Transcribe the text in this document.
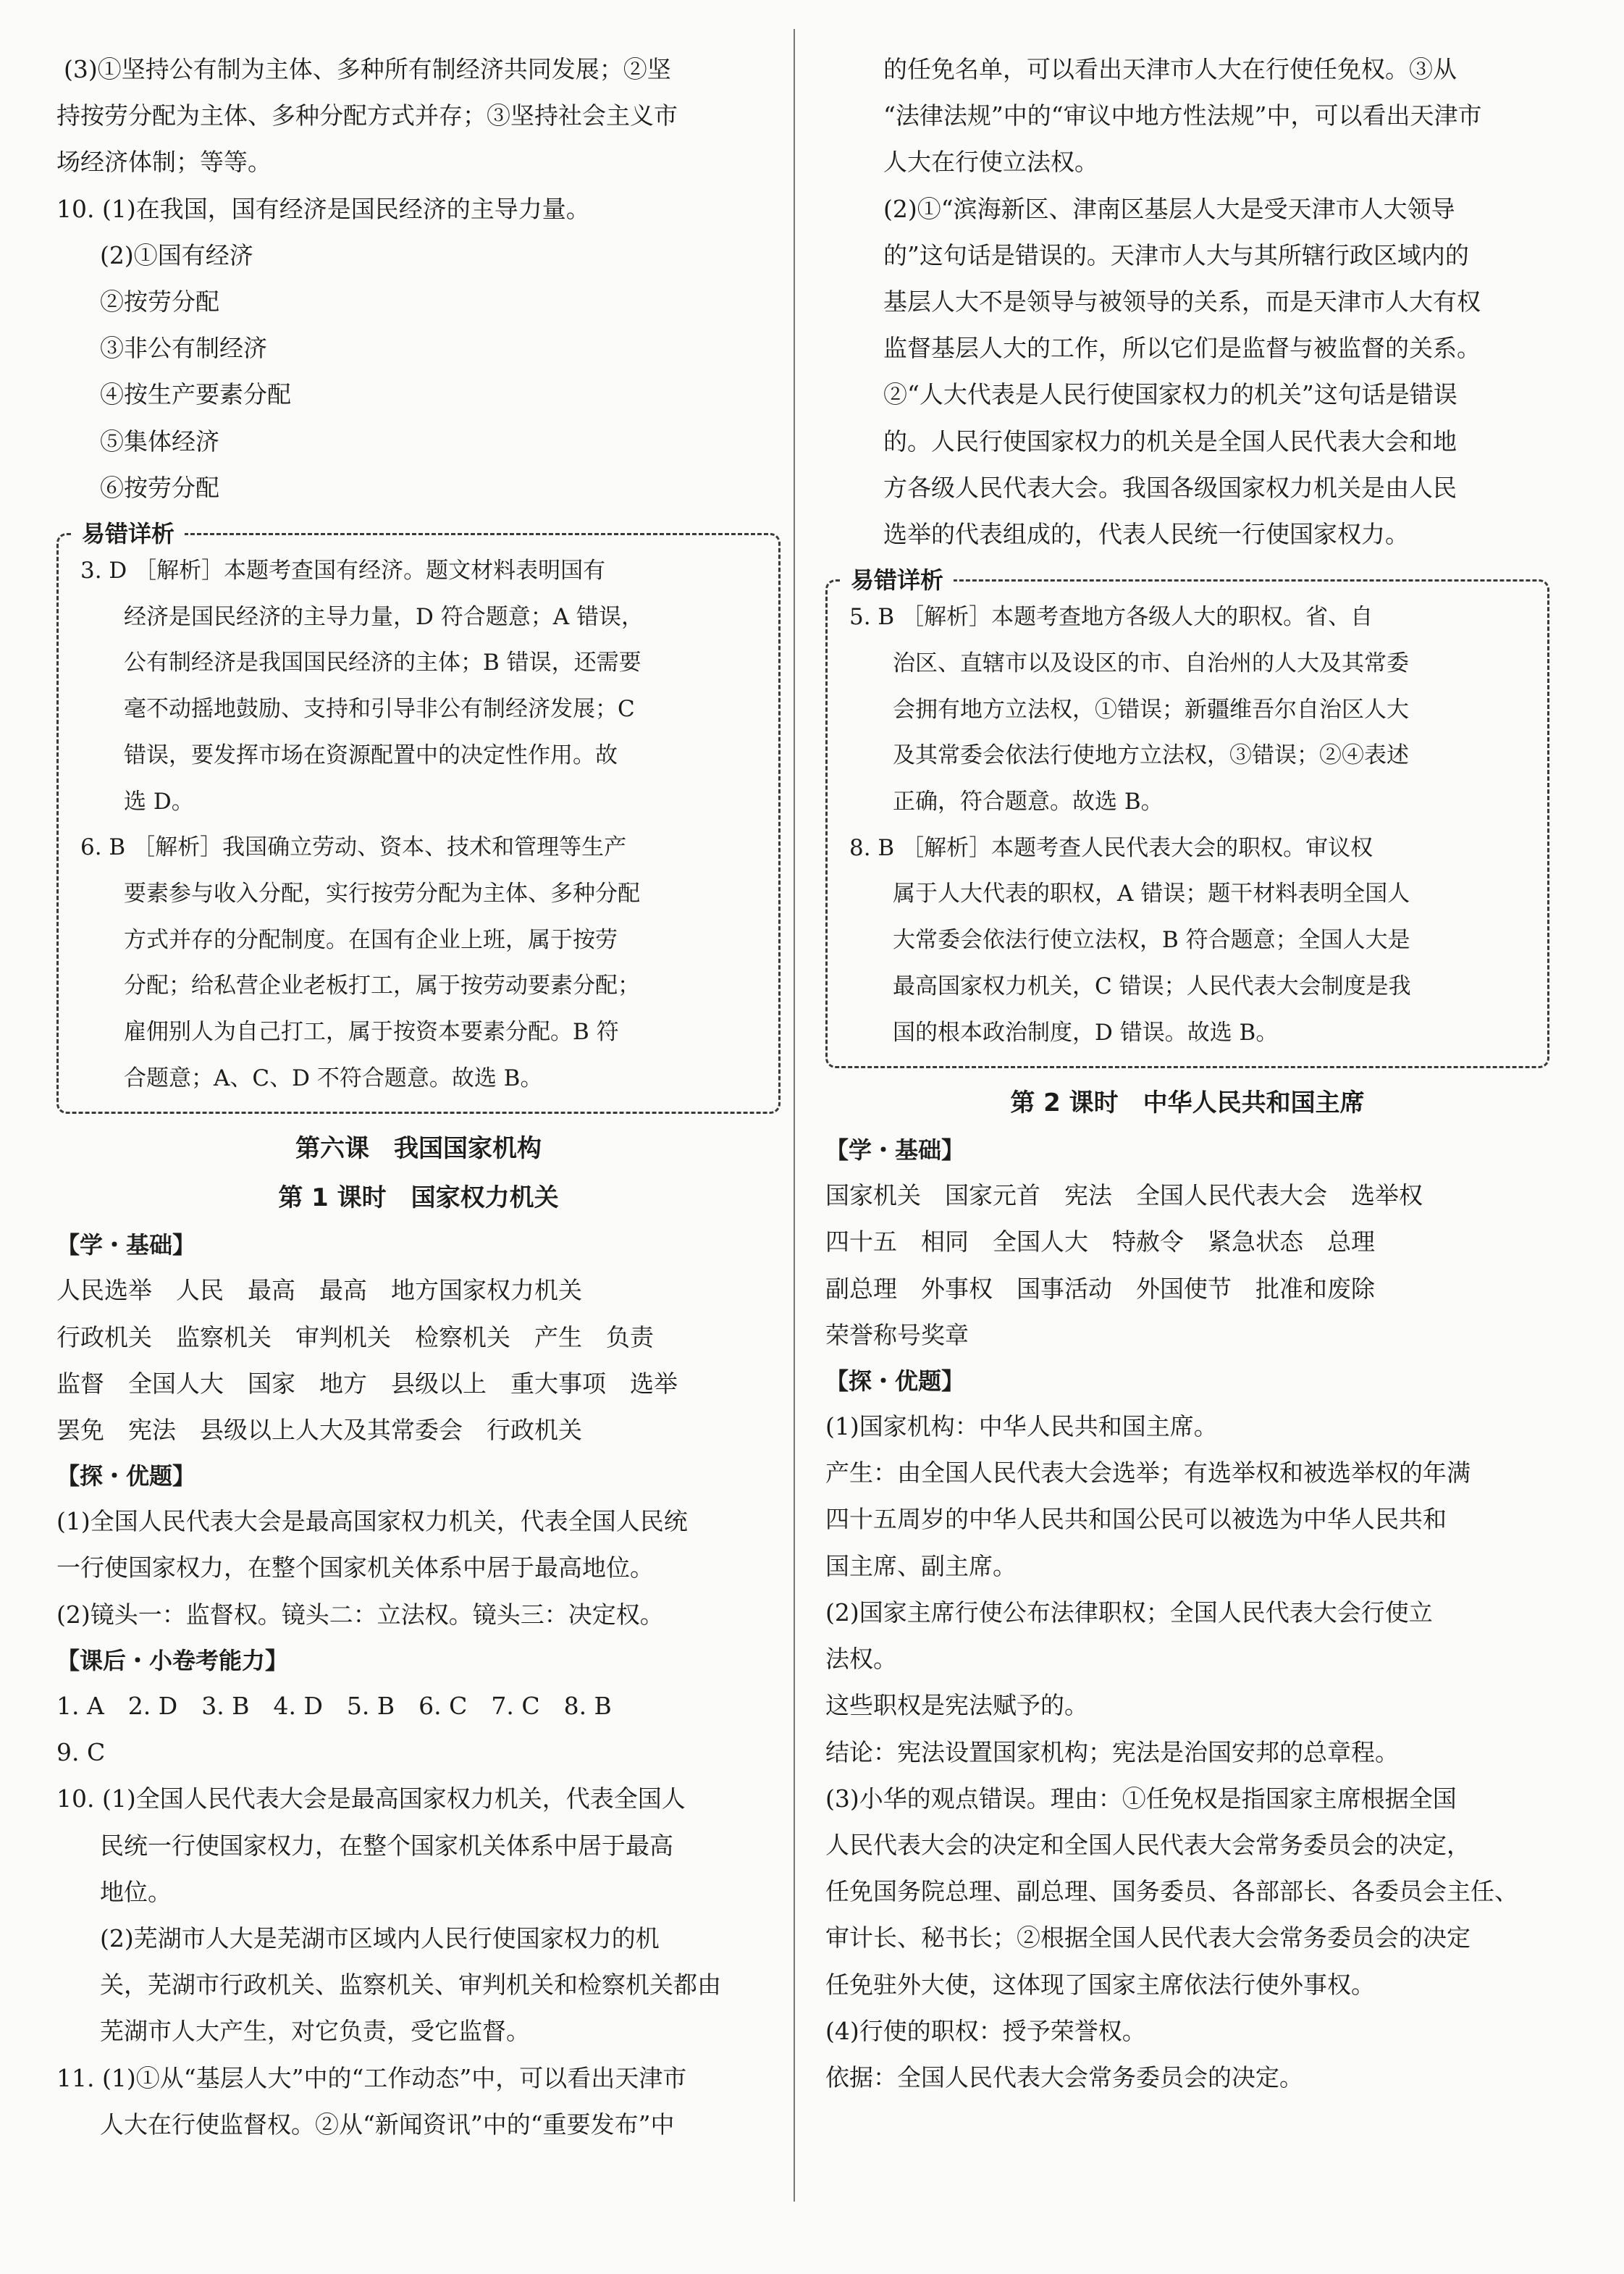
(3)①坚持公有制为主体、多种所有制经济共同发展；②坚
持按劳分配为主体、多种分配方式并存；③坚持社会主义市
场经济体制；等等。
10. (1)在我国，国有经济是国民经济的主导力量。
(2)①国有经济
②按劳分配
③非公有制经济
④按生产要素分配
⑤集体经济
⑥按劳分配
易错详析
3. D ［解析］本题考查国有经济。题文材料表明国有
经济是国民经济的主导力量，D 符合题意；A 错误，
公有制经济是我国国民经济的主体；B 错误，还需要
毫不动摇地鼓励、支持和引导非公有制经济发展；C
错误，要发挥市场在资源配置中的决定性作用。故
选 D。
6. B ［解析］我国确立劳动、资本、技术和管理等生产
要素参与收入分配，实行按劳分配为主体、多种分配
方式并存的分配制度。在国有企业上班，属于按劳
分配；给私营企业老板打工，属于按劳动要素分配；
雇佣别人为自己打工，属于按资本要素分配。B 符
合题意；A、C、D 不符合题意。故选 B。
第六课　我国国家机构
第 1 课时　国家权力机关
【学・基础】
人民选举　人民　最高　最高　地方国家权力机关
行政机关　监察机关　审判机关　检察机关　产生　负责
监督　全国人大　国家　地方　县级以上　重大事项　选举
罢免　宪法　县级以上人大及其常委会　行政机关
【探・优题】
(1)全国人民代表大会是最高国家权力机关，代表全国人民统
一行使国家权力，在整个国家机关体系中居于最高地位。
(2)镜头一：监督权。镜头二：立法权。镜头三：决定权。
【课后・小卷考能力】
1. A　2. D　3. B　4. D　5. B　6. C　7. C　8. B
9. C
10. (1)全国人民代表大会是最高国家权力机关，代表全国人
民统一行使国家权力，在整个国家机关体系中居于最高
地位。
(2)芜湖市人大是芜湖市区域内人民行使国家权力的机
关，芜湖市行政机关、监察机关、审判机关和检察机关都由
芜湖市人大产生，对它负责，受它监督。
11. (1)①从“基层人大”中的“工作动态”中，可以看出天津市
人大在行使监督权。②从“新闻资讯”中的“重要发布”中
的任免名单，可以看出天津市人大在行使任免权。③从
“法律法规”中的“审议中地方性法规”中，可以看出天津市
人大在行使立法权。
(2)①“滨海新区、津南区基层人大是受天津市人大领导
的”这句话是错误的。天津市人大与其所辖行政区域内的
基层人大不是领导与被领导的关系，而是天津市人大有权
监督基层人大的工作，所以它们是监督与被监督的关系。
②“人大代表是人民行使国家权力的机关”这句话是错误
的。人民行使国家权力的机关是全国人民代表大会和地
方各级人民代表大会。我国各级国家权力机关是由人民
选举的代表组成的，代表人民统一行使国家权力。
易错详析
5. B ［解析］本题考查地方各级人大的职权。省、自
治区、直辖市以及设区的市、自治州的人大及其常委
会拥有地方立法权，①错误；新疆维吾尔自治区人大
及其常委会依法行使地方立法权，③错误；②④表述
正确，符合题意。故选 B。
8. B ［解析］本题考查人民代表大会的职权。审议权
属于人大代表的职权，A 错误；题干材料表明全国人
大常委会依法行使立法权，B 符合题意；全国人大是
最高国家权力机关，C 错误；人民代表大会制度是我
国的根本政治制度，D 错误。故选 B。
第 2 课时　中华人民共和国主席
【学・基础】
国家机关　国家元首　宪法　全国人民代表大会　选举权
四十五　相同　全国人大　特赦令　紧急状态　总理
副总理　外事权　国事活动　外国使节　批准和废除
荣誉称号奖章
【探・优题】
(1)国家机构：中华人民共和国主席。
产生：由全国人民代表大会选举；有选举权和被选举权的年满
四十五周岁的中华人民共和国公民可以被选为中华人民共和
国主席、副主席。
(2)国家主席行使公布法律职权；全国人民代表大会行使立
法权。
这些职权是宪法赋予的。
结论：宪法设置国家机构；宪法是治国安邦的总章程。
(3)小华的观点错误。理由：①任免权是指国家主席根据全国
人民代表大会的决定和全国人民代表大会常务委员会的决定，
任免国务院总理、副总理、国务委员、各部部长、各委员会主任、
审计长、秘书长；②根据全国人民代表大会常务委员会的决定
任免驻外大使，这体现了国家主席依法行使外事权。
(4)行使的职权：授予荣誉权。
依据：全国人民代表大会常务委员会的决定。
